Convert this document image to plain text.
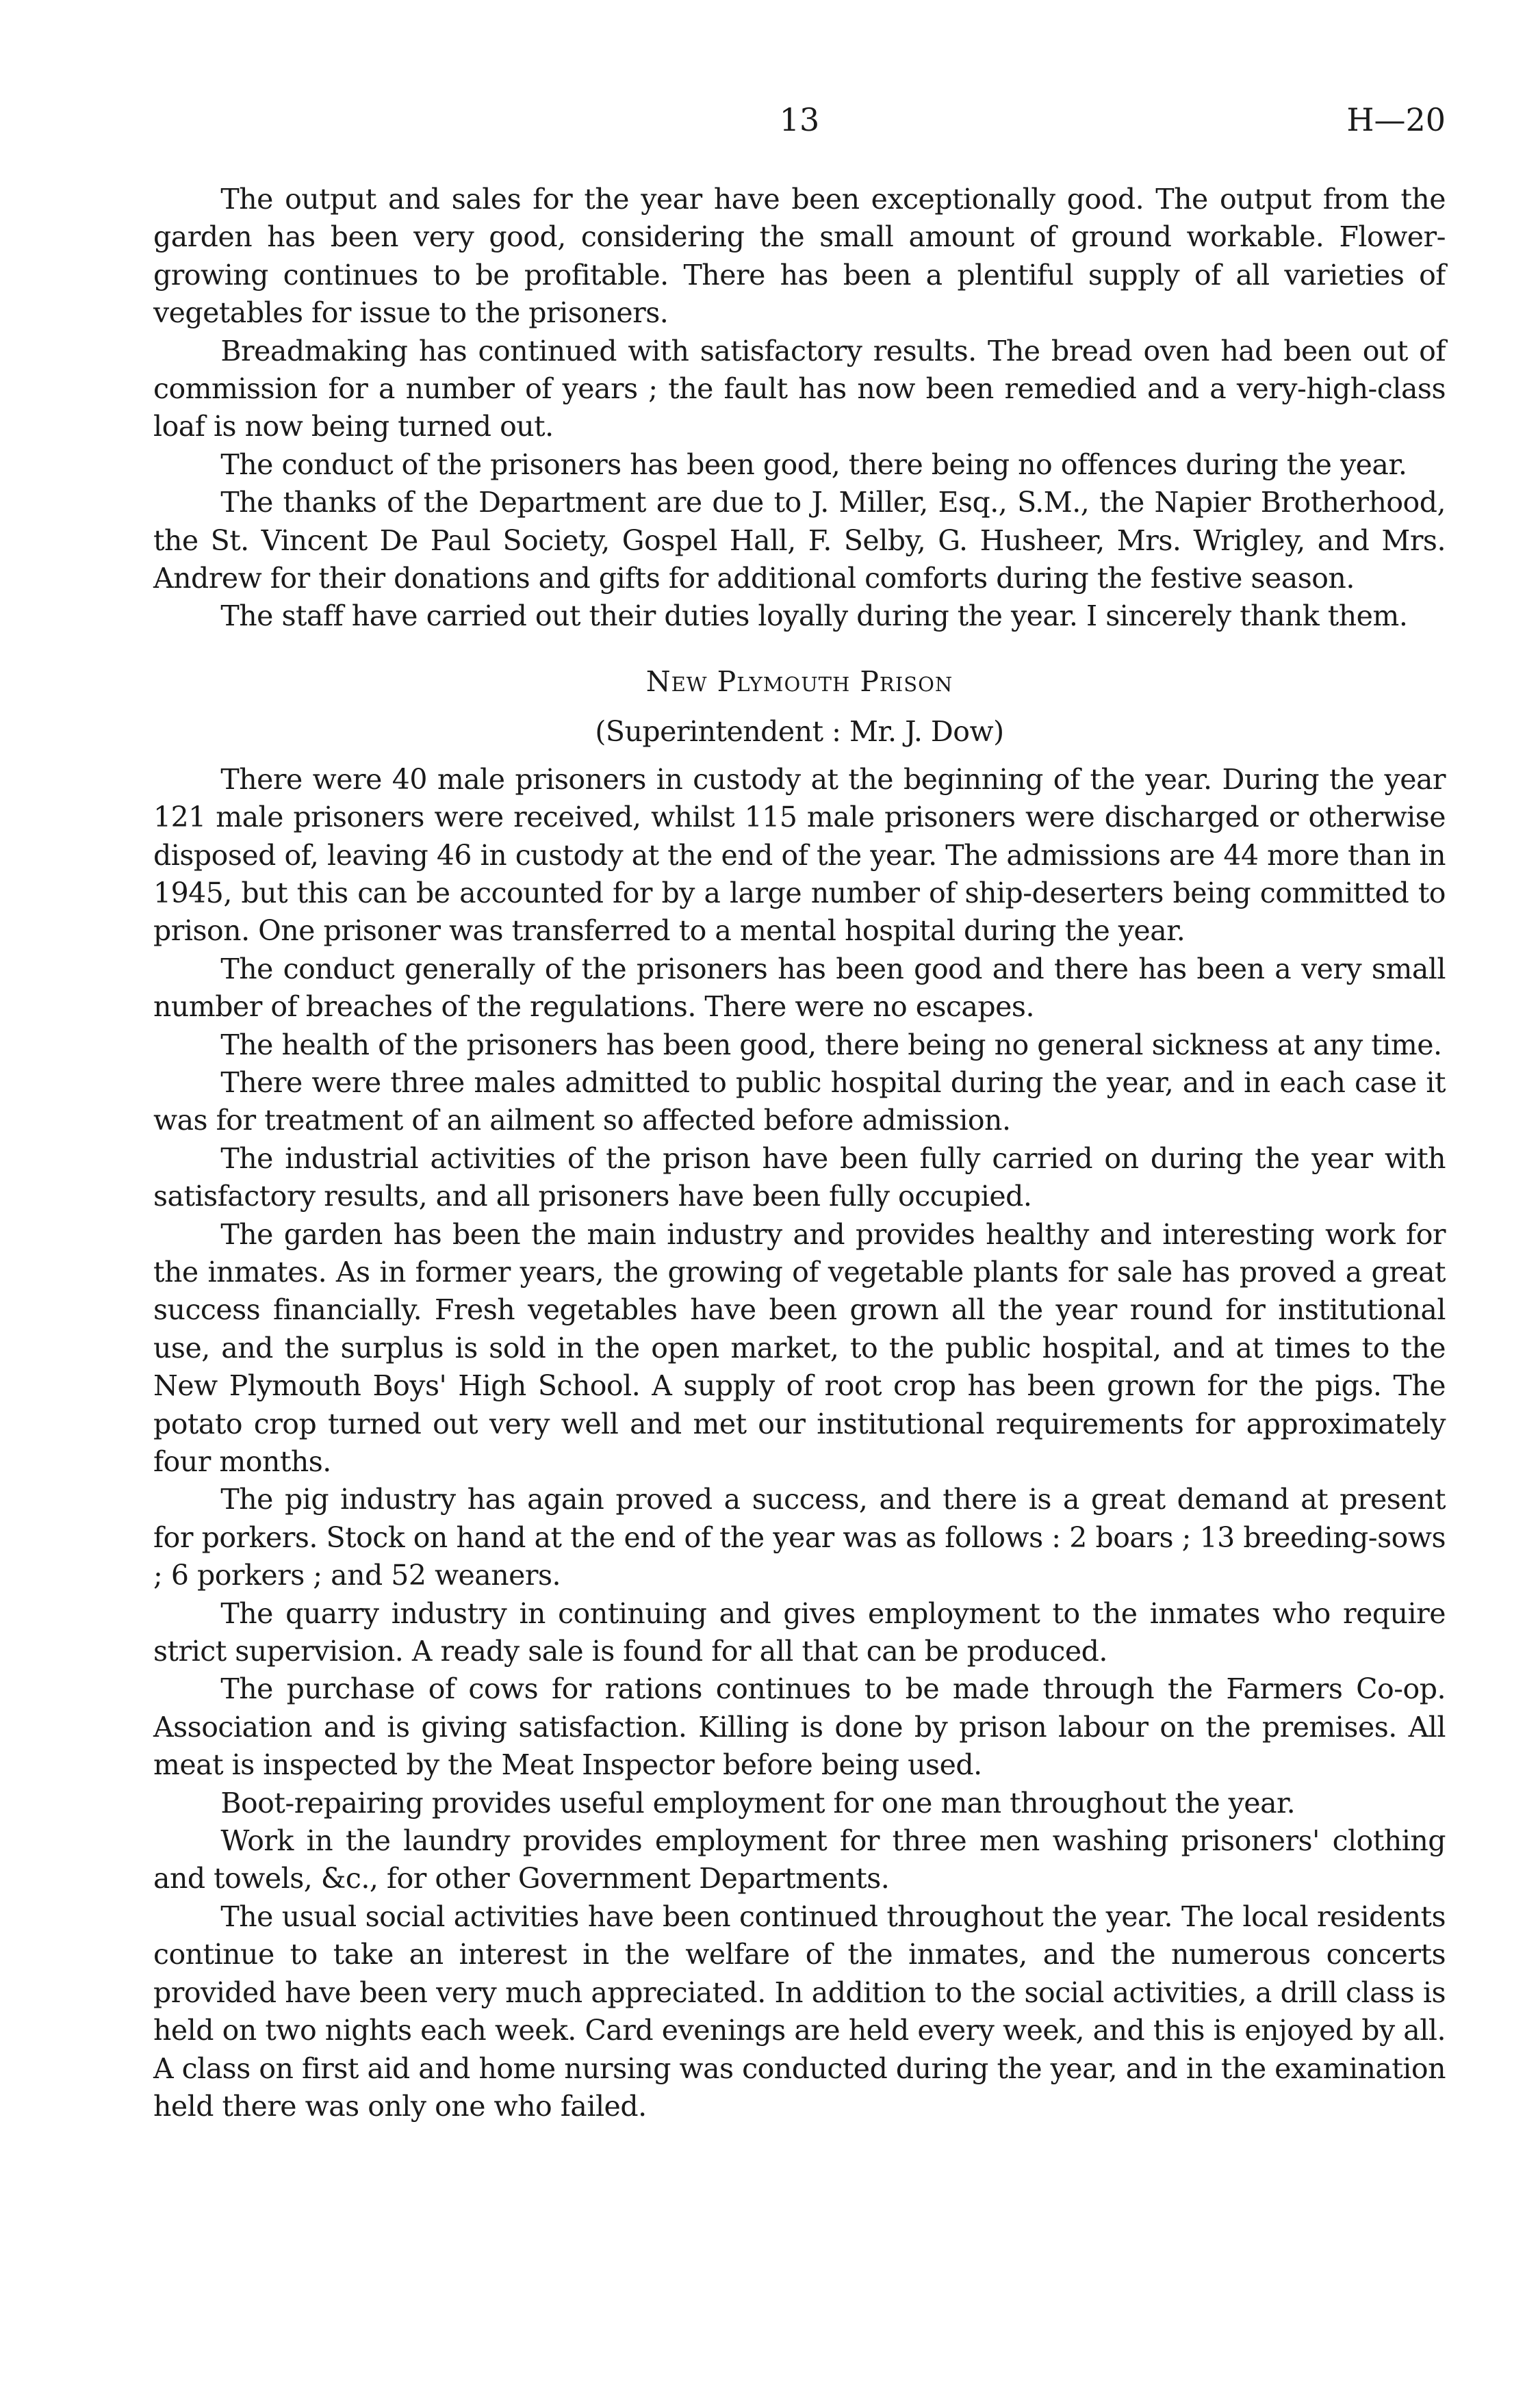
13	H—20

The output and sales for the year have been exceptionally good. The output from the garden has been very good, considering the small amount of ground workable. Flower-growing continues to be profitable. There has been a plentiful supply of all varieties of vegetables for issue to the prisoners.

Breadmaking has continued with satisfactory results. The bread oven had been out of commission for a number of years ; the fault has now been remedied and a very-high-class loaf is now being turned out.

The conduct of the prisoners has been good, there being no offences during the year.

The thanks of the Department are due to J. Miller, Esq., S.M., the Napier Brotherhood, the St. Vincent De Paul Society, Gospel Hall, F. Selby, G. Husheer, Mrs. Wrigley, and Mrs. Andrew for their donations and gifts for additional comforts during the festive season.

The staff have carried out their duties loyally during the year. I sincerely thank them.

New Plymouth Prison
(Superintendent : Mr. J. Dow)

There were 40 male prisoners in custody at the beginning of the year. During the year 121 male prisoners were received, whilst 115 male prisoners were discharged or otherwise disposed of, leaving 46 in custody at the end of the year. The admissions are 44 more than in 1945, but this can be accounted for by a large number of ship-deserters being committed to prison. One prisoner was transferred to a mental hospital during the year.

The conduct generally of the prisoners has been good and there has been a very small number of breaches of the regulations. There were no escapes.

The health of the prisoners has been good, there being no general sickness at any time.

There were three males admitted to public hospital during the year, and in each case it was for treatment of an ailment so affected before admission.

The industrial activities of the prison have been fully carried on during the year with satisfactory results, and all prisoners have been fully occupied.

The garden has been the main industry and provides healthy and interesting work for the inmates. As in former years, the growing of vegetable plants for sale has proved a great success financially. Fresh vegetables have been grown all the year round for institutional use, and the surplus is sold in the open market, to the public hospital, and at times to the New Plymouth Boys' High School. A supply of root crop has been grown for the pigs. The potato crop turned out very well and met our institutional requirements for approximately four months.

The pig industry has again proved a success, and there is a great demand at present for porkers. Stock on hand at the end of the year was as follows : 2 boars ; 13 breeding-sows ; 6 porkers ; and 52 weaners.

The quarry industry in continuing and gives employment to the inmates who require strict supervision. A ready sale is found for all that can be produced.

The purchase of cows for rations continues to be made through the Farmers Co-op. Association and is giving satisfaction. Killing is done by prison labour on the premises. All meat is inspected by the Meat Inspector before being used.

Boot-repairing provides useful employment for one man throughout the year.

Work in the laundry provides employment for three men washing prisoners' clothing and towels, &c., for other Government Departments.

The usual social activities have been continued throughout the year. The local residents continue to take an interest in the welfare of the inmates, and the numerous concerts provided have been very much appreciated. In addition to the social activities, a drill class is held on two nights each week. Card evenings are held every week, and this is enjoyed by all. A class on first aid and home nursing was conducted during the year, and in the examination held there was only one who failed.
